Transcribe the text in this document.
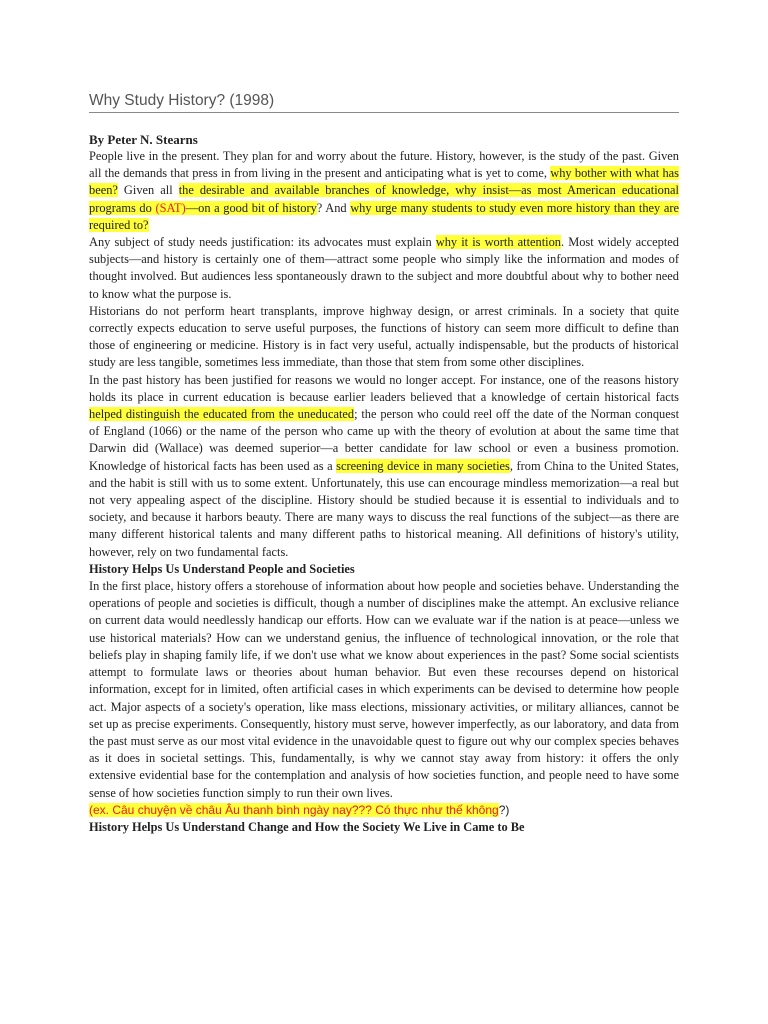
Why Study History? (1998)

By Peter N. Stearns

People live in the present. They plan for and worry about the future. History, however, is the study of the past. Given all the demands that press in from living in the present and anticipating what is yet to come, why bother with what has been? Given all the desirable and available branches of knowledge, why insist—as most American educational programs do (SAT)—on a good bit of history? And why urge many students to study even more history than they are required to?

Any subject of study needs justification: its advocates must explain why it is worth attention. Most widely accepted subjects—and history is certainly one of them—attract some people who simply like the information and modes of thought involved. But audiences less spontaneously drawn to the subject and more doubtful about why to bother need to know what the purpose is.

Historians do not perform heart transplants, improve highway design, or arrest criminals. In a society that quite correctly expects education to serve useful purposes, the functions of history can seem more difficult to define than those of engineering or medicine. History is in fact very useful, actually indispensable, but the products of historical study are less tangible, sometimes less immediate, than those that stem from some other disciplines.

In the past history has been justified for reasons we would no longer accept. For instance, one of the reasons history holds its place in current education is because earlier leaders believed that a knowledge of certain historical facts helped distinguish the educated from the uneducated; the person who could reel off the date of the Norman conquest of England (1066) or the name of the person who came up with the theory of evolution at about the same time that Darwin did (Wallace) was deemed superior—a better candidate for law school or even a business promotion. Knowledge of historical facts has been used as a screening device in many societies, from China to the United States, and the habit is still with us to some extent. Unfortunately, this use can encourage mindless memorization—a real but not very appealing aspect of the discipline. History should be studied because it is essential to individuals and to society, and because it harbors beauty. There are many ways to discuss the real functions of the subject—as there are many different historical talents and many different paths to historical meaning. All definitions of history's utility, however, rely on two fundamental facts.

History Helps Us Understand People and Societies

In the first place, history offers a storehouse of information about how people and societies behave. Understanding the operations of people and societies is difficult, though a number of disciplines make the attempt. An exclusive reliance on current data would needlessly handicap our efforts. How can we evaluate war if the nation is at peace—unless we use historical materials? How can we understand genius, the influence of technological innovation, or the role that beliefs play in shaping family life, if we don't use what we know about experiences in the past? Some social scientists attempt to formulate laws or theories about human behavior. But even these recourses depend on historical information, except for in limited, often artificial cases in which experiments can be devised to determine how people act. Major aspects of a society's operation, like mass elections, missionary activities, or military alliances, cannot be set up as precise experiments. Consequently, history must serve, however imperfectly, as our laboratory, and data from the past must serve as our most vital evidence in the unavoidable quest to figure out why our complex species behaves as it does in societal settings. This, fundamentally, is why we cannot stay away from history: it offers the only extensive evidential base for the contemplation and analysis of how societies function, and people need to have some sense of how societies function simply to run their own lives.

(ex. Câu chuyện về châu Âu thanh bình ngày nay??? Có thực như thế không?)

History Helps Us Understand Change and How the Society We Live in Came to Be
